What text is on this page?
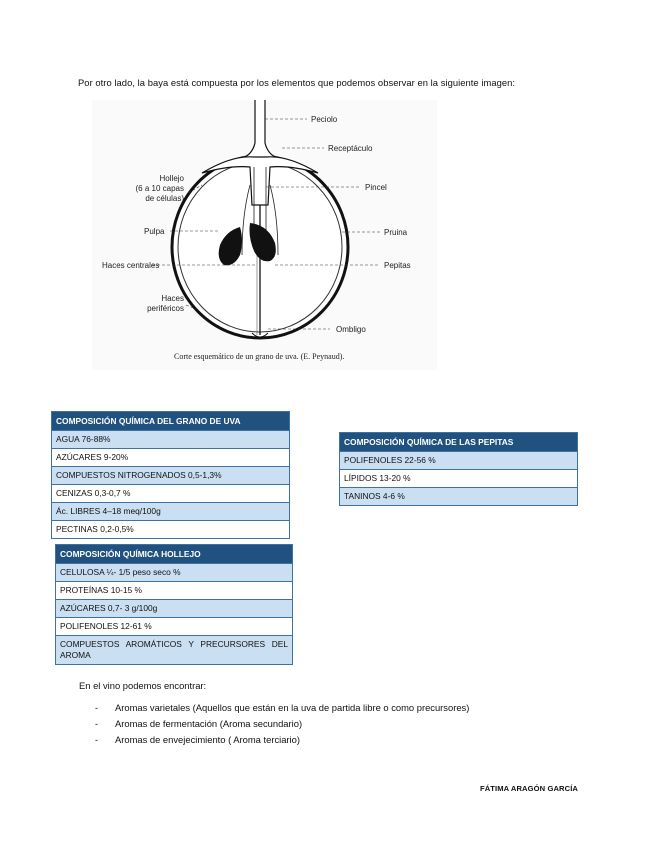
Por otro lado, la baya está compuesta por los elementos que podemos observar en la siguiente imagen:
Peciolo
Receptáculo
Hollejo
(6 a 10 capas
de células)
Pincel
Pulpa	Pruina
Haces centrales	Pepitas
Haces
periféricos
Ombligo
Corte esquemático de un grano de uva. (E. Peynaud).
COMPOSICIÓN QUÍMICA DEL GRANO DE UVA
AGUA 76-88%
AZÚCARES 9-20%
COMPUESTOS NITROGENADOS 0,5-1,3%
CENIZAS 0,3-0,7 %
Ác. LIBRES 4–18 meq/100g
PECTINAS 0,2-0,5%
COMPOSICIÓN QUÍMICA DE LAS PEPITAS
POLIFENOLES 22-56 %
LÍPIDOS 13-20 %
TANINOS 4-6 %
COMPOSICIÓN QUÍMICA HOLLEJO
CELULOSA ¼- 1/5 peso seco %
PROTEÍNAS 10-15 %
AZÚCARES 0,7- 3 g/100g
POLIFENOLES 12-61 %
COMPUESTOS AROMÁTICOS Y PRECURSORES DEL AROMA
En el vino podemos encontrar:
- Aromas varietales (Aquellos que están en la uva de partida libre o como precursores)
- Aromas de fermentación (Aroma secundario)
- Aromas de envejecimiento ( Aroma terciario)
FÁTIMA ARAGÓN GARCÍA
